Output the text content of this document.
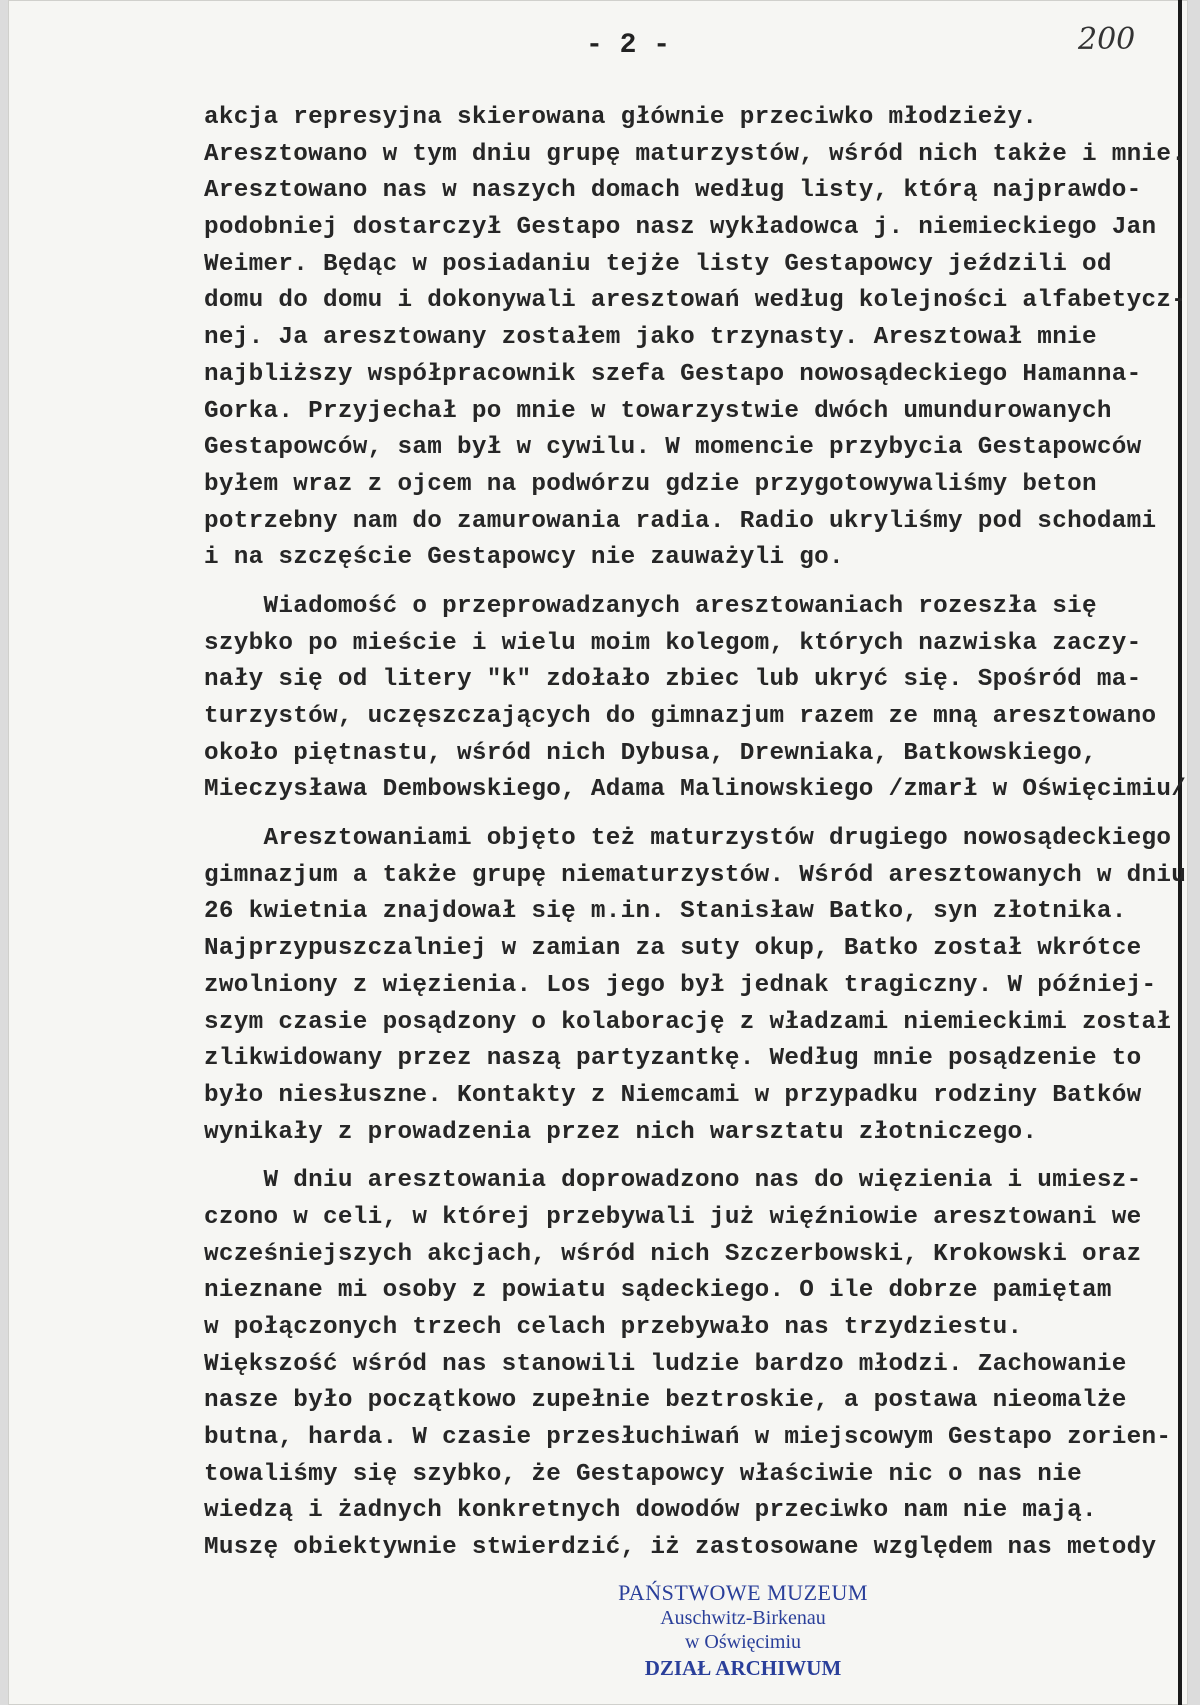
- 2 -	200
akcja represyjna skierowana głównie przeciwko młodzieży.
Aresztowano w tym dniu grupę maturzystów, wśród nich także i mnie.
Aresztowano nas w naszych domach według listy, którą najprawdo-
podobniej dostarczył Gestapo nasz wykładowca j. niemieckiego Jan
Weimer. Będąc w posiadaniu tejże listy Gestapowcy jeździli od
domu do domu i dokonywali aresztowań według kolejności alfabetycz-
nej. Ja aresztowany zostałem jako trzynasty. Aresztował mnie
najbliższy współpracownik szefa Gestapo nowosądeckiego Hamanna-
Gorka. Przyjechał po mnie w towarzystwie dwóch umundurowanych
Gestapowców, sam był w cywilu. W momencie przybycia Gestapowców
byłem wraz z ojcem na podwórzu gdzie przygotowywaliśmy beton
potrzebny nam do zamurowania radia. Radio ukryliśmy pod schodami
i na szczęście Gestapowcy nie zauważyli go.
Wiadomość o przeprowadzanych aresztowaniach rozeszła się
szybko po mieście i wielu moim kolegom, których nazwiska zaczy-
nały się od litery "k" zdołało zbiec lub ukryć się. Spośród ma-
turzystów, uczęszczających do gimnazjum razem ze mną aresztowano
około piętnastu, wśród nich Dybusa, Drewniaka, Batkowskiego,
Mieczysława Dembowskiego, Adama Malinowskiego /zmarł w Oświęcimiu/
Aresztowaniami objęto też maturzystów drugiego nowosądeckiego
gimnazjum a także grupę niematurzystów. Wśród aresztowanych w dniu
26 kwietnia znajdował się m.in. Stanisław Batko, syn złotnika.
Najprzypuszczalniej w zamian za suty okup, Batko został wkrótce
zwolniony z więzienia. Los jego był jednak tragiczny. W później-
szym czasie posądzony o kolaborację z władzami niemieckimi został
zlikwidowany przez naszą partyzantkę. Według mnie posądzenie to
było niesłuszne. Kontakty z Niemcami w przypadku rodziny Batków
wynikały z prowadzenia przez nich warsztatu złotniczego.
W dniu aresztowania doprowadzono nas do więzienia i umiesz-
czono w celi, w której przebywali już więźniowie aresztowani we
wcześniejszych akcjach, wśród nich Szczerbowski, Krokowski oraz
nieznane mi osoby z powiatu sądeckiego. O ile dobrze pamiętam
w połączonych trzech celach przebywało nas trzydziestu.
Większość wśród nas stanowili ludzie bardzo młodzi. Zachowanie
nasze było początkowo zupełnie beztroskie, a postawa nieomalże
butna, harda. W czasie przesłuchiwań w miejscowym Gestapo zorien-
towaliśmy się szybko, że Gestapowcy właściwie nic o nas nie
wiedzą i żadnych konkretnych dowodów przeciwko nam nie mają.
Muszę obiektywnie stwierdzić, iż zastosowane względem nas metody
PAŃSTWOWE MUZEUM
Auschwitz-Birkenau
w Oświęcimiu
DZIAŁ ARCHIWUM
